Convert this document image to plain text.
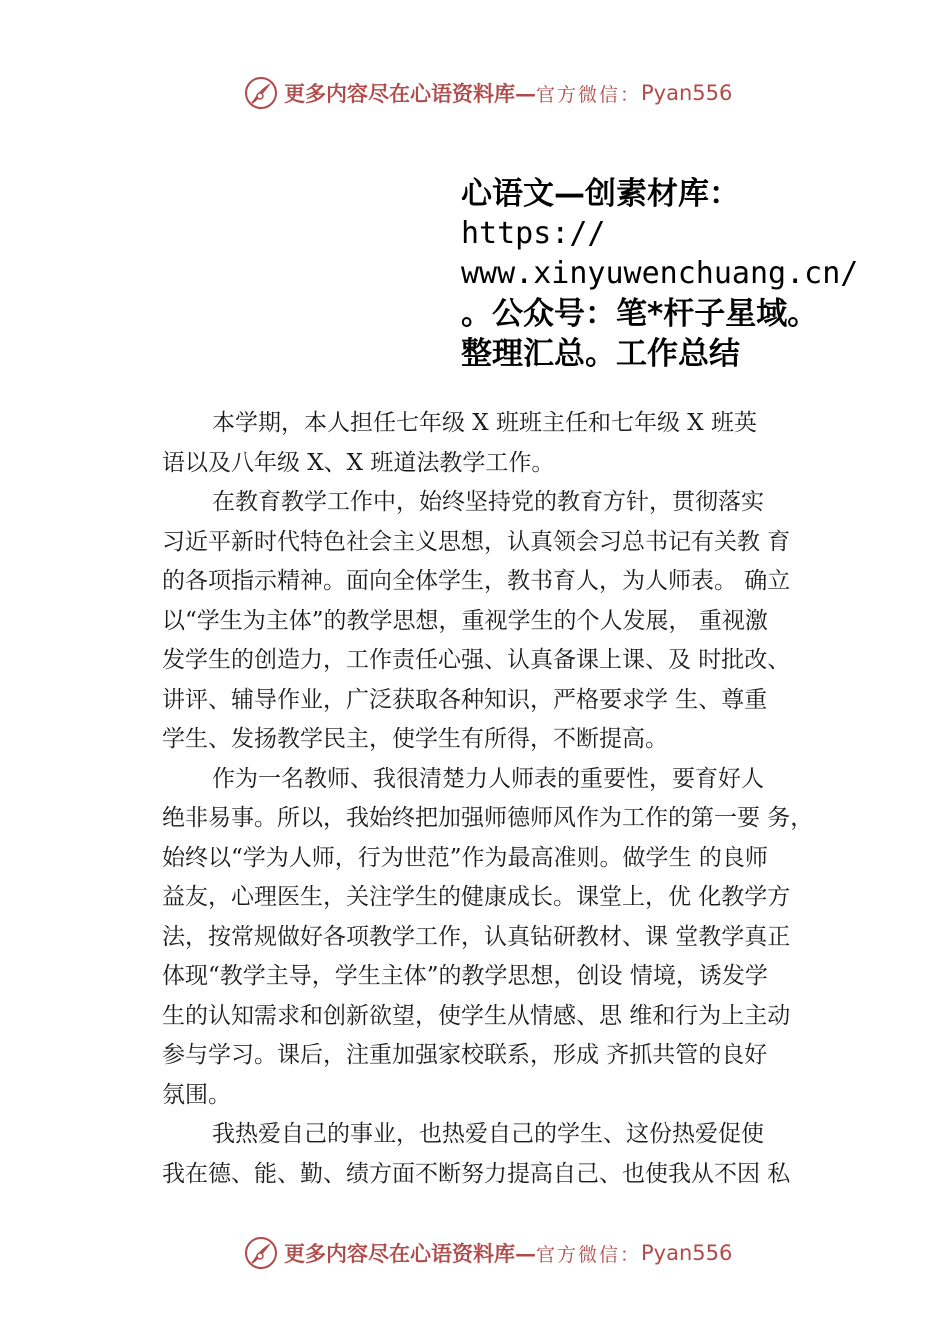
更多内容尽在心语资料库— 官方微信： Pyan556
心语文—创素材库：
https://
www.xinyuwenchuang.cn/
。公众号：笔*杆子星域。
整理汇总。工作总结
本学期，本人担任七年级 X 班班主任和七年级 X 班英
语以及八年级 X、X 班道法教学工作。
在教育教学工作中，始终坚持党的教育方针，贯彻落实
习近平新时代特色社会主义思想，认真领会习总书记有关教 育
的各项指示精神。面向全体学生，教书育人，为人师表。 确立
以“学生为主体”的教学思想，重视学生的个人发展， 重视激
发学生的创造力，工作责任心强、认真备课上课、及 时批改、
讲评、辅导作业，广泛获取各种知识，严格要求学 生、尊重
学生、发扬教学民主，使学生有所得，不断提高。
作为一名教师、我很清楚力人师表的重要性，要育好人
绝非易事。所以，我始终把加强师德师风作为工作的第一要 务，
始终以“学为人师，行为世范”作为最高准则。做学生 的良师
益友，心理医生，关注学生的健康成长。课堂上，优 化教学方
法，按常规做好各项教学工作，认真钻研教材、课 堂教学真正
体现“教学主导，学生主体”的教学思想，创设 情境，诱发学
生的认知需求和创新欲望，使学生从情感、思 维和行为上主动
参与学习。课后，注重加强家校联系，形成 齐抓共管的良好
氛围。
我热爱自己的事业，也热爱自己的学生、这份热爱促使
我在德、能、勤、绩方面不断努力提高自己、也使我从不因 私
更多内容尽在心语资料库— 官方微信： Pyan556
